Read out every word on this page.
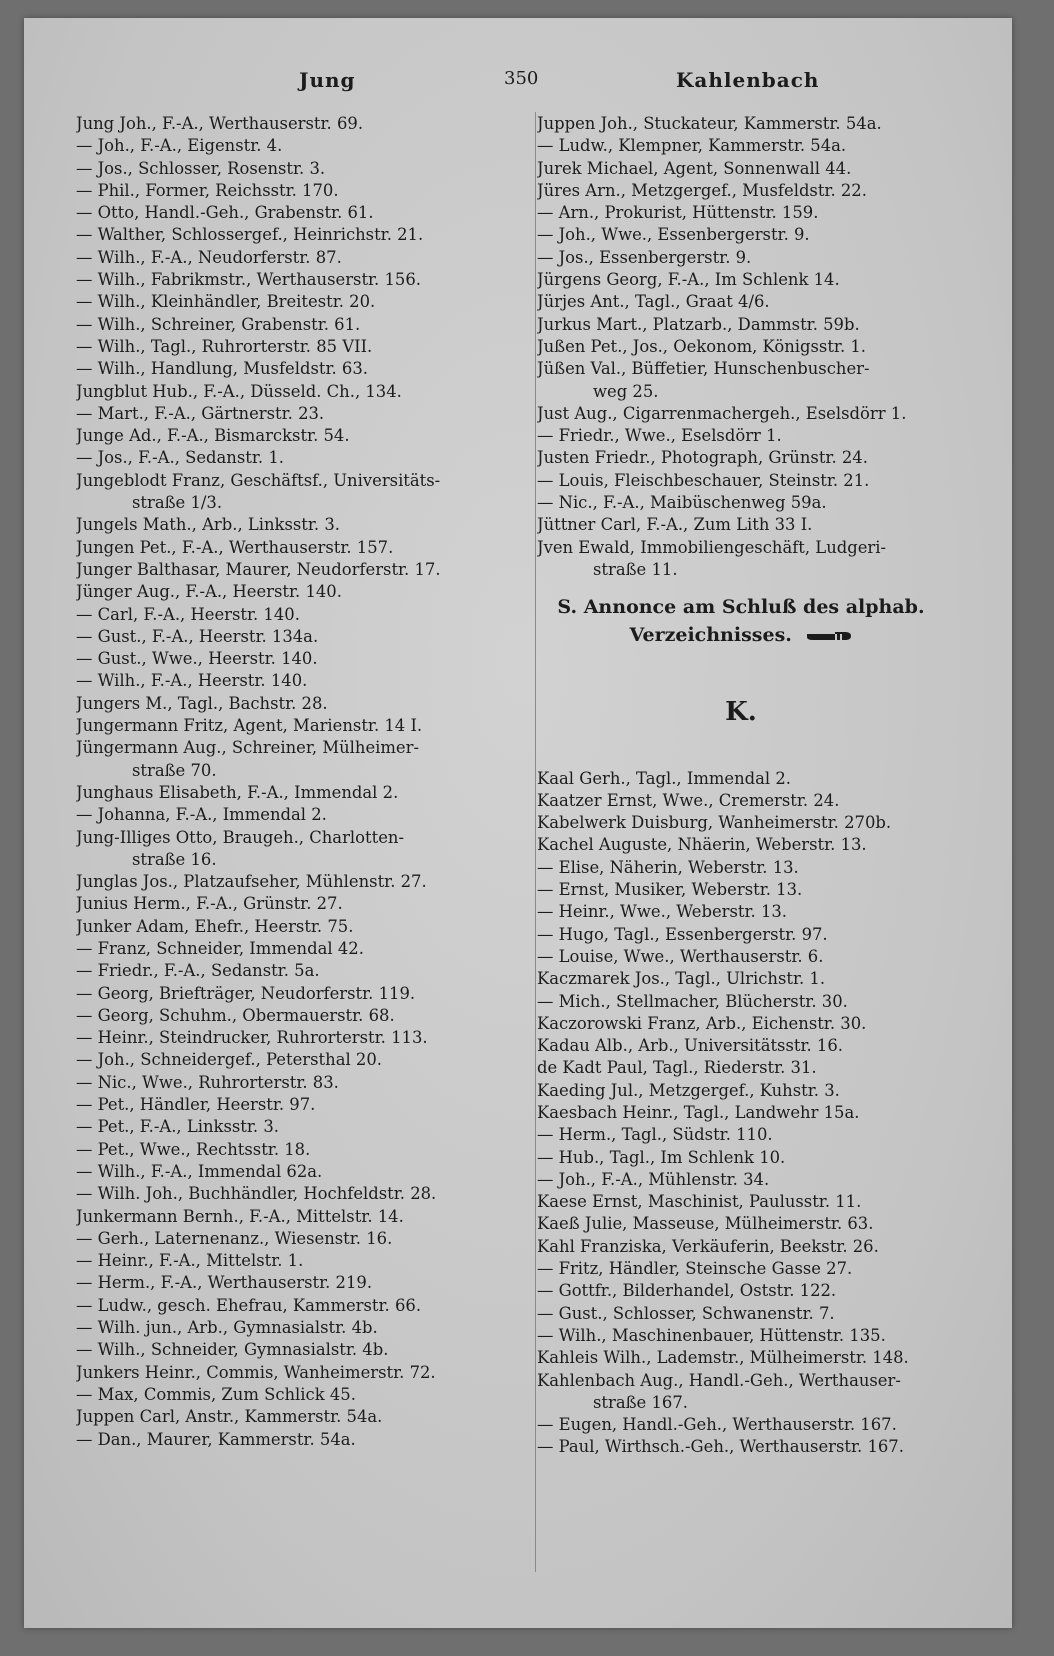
Jung	350	Kahlenbach
Jung Joh., F.-A., Werthauserstr. 69.
— Joh., F.-A., Eigenstr. 4.
— Jos., Schlosser, Rosenstr. 3.
— Phil., Former, Reichsstr. 170.
— Otto, Handl.-Geh., Grabenstr. 61.
— Walther, Schlossergef., Heinrichstr. 21.
— Wilh., F.-A., Neudorferstr. 87.
— Wilh., Fabrikmstr., Werthauserstr. 156.
— Wilh., Kleinhändler, Breitestr. 20.
— Wilh., Schreiner, Grabenstr. 61.
— Wilh., Tagl., Ruhrorterstr. 85 VII.
— Wilh., Handlung, Musfeldstr. 63.
Jungblut Hub., F.-A., Düsseld. Ch., 134.
— Mart., F.-A., Gärtnerstr. 23.
Junge Ad., F.-A., Bismarckstr. 54.
— Jos., F.-A., Sedanstr. 1.
Jungeblodt Franz, Geschäftsf., Universitäts-
straße 1/3.
Jungels Math., Arb., Linksstr. 3.
Jungen Pet., F.-A., Werthauserstr. 157.
Junger Balthasar, Maurer, Neudorferstr. 17.
Jünger Aug., F.-A., Heerstr. 140.
— Carl, F.-A., Heerstr. 140.
— Gust., F.-A., Heerstr. 134a.
— Gust., Wwe., Heerstr. 140.
— Wilh., F.-A., Heerstr. 140.
Jungers M., Tagl., Bachstr. 28.
Jungermann Fritz, Agent, Marienstr. 14 I.
Jüngermann Aug., Schreiner, Mülheimer-
straße 70.
Junghaus Elisabeth, F.-A., Immendal 2.
— Johanna, F.-A., Immendal 2.
Jung-Illiges Otto, Braugeh., Charlotten-
straße 16.
Junglas Jos., Platzaufseher, Mühlenstr. 27.
Junius Herm., F.-A., Grünstr. 27.
Junker Adam, Ehefr., Heerstr. 75.
— Franz, Schneider, Immendal 42.
— Friedr., F.-A., Sedanstr. 5a.
— Georg, Briefträger, Neudorferstr. 119.
— Georg, Schuhm., Obermauerstr. 68.
— Heinr., Steindrucker, Ruhrorterstr. 113.
— Joh., Schneidergef., Petersthal 20.
— Nic., Wwe., Ruhrorterstr. 83.
— Pet., Händler, Heerstr. 97.
— Pet., F.-A., Linksstr. 3.
— Pet., Wwe., Rechtsstr. 18.
— Wilh., F.-A., Immendal 62a.
— Wilh. Joh., Buchhändler, Hochfeldstr. 28.
Junkermann Bernh., F.-A., Mittelstr. 14.
— Gerh., Laternenanz., Wiesenstr. 16.
— Heinr., F.-A., Mittelstr. 1.
— Herm., F.-A., Werthauserstr. 219.
— Ludw., gesch. Ehefrau, Kammerstr. 66.
— Wilh. jun., Arb., Gymnasialstr. 4b.
— Wilh., Schneider, Gymnasialstr. 4b.
Junkers Heinr., Commis, Wanheimerstr. 72.
— Max, Commis, Zum Schlick 45.
Juppen Carl, Anstr., Kammerstr. 54a.
— Dan., Maurer, Kammerstr. 54a.
Juppen Joh., Stuckateur, Kammerstr. 54a.
— Ludw., Klempner, Kammerstr. 54a.
Jurek Michael, Agent, Sonnenwall 44.
Jüres Arn., Metzgergef., Musfeldstr. 22.
— Arn., Prokurist, Hüttenstr. 159.
— Joh., Wwe., Essenbergerstr. 9.
— Jos., Essenbergerstr. 9.
Jürgens Georg, F.-A., Im Schlenk 14.
Jürjes Ant., Tagl., Graat 4/6.
Jurkus Mart., Platzarb., Dammstr. 59b.
Jußen Pet., Jos., Oekonom, Königsstr. 1.
Jüßen Val., Büffetier, Hunschenbuscher-
weg 25.
Just Aug., Cigarrenmachergeh., Eselsdörr 1.
— Friedr., Wwe., Eselsdörr 1.
Justen Friedr., Photograph, Grünstr. 24.
— Louis, Fleischbeschauer, Steinstr. 21.
— Nic., F.-A., Maibüschenweg 59a.
Jüttner Carl, F.-A., Zum Lith 33 I.
Jven Ewald, Immobiliengeschäft, Ludgeri-
straße 11.
S. Annonce am Schluß des alphab.
Verzeichnisses.
K.
Kaal Gerh., Tagl., Immendal 2.
Kaatzer Ernst, Wwe., Cremerstr. 24.
Kabelwerk Duisburg, Wanheimerstr. 270b.
Kachel Auguste, Nhäerin, Weberstr. 13.
— Elise, Näherin, Weberstr. 13.
— Ernst, Musiker, Weberstr. 13.
— Heinr., Wwe., Weberstr. 13.
— Hugo, Tagl., Essenbergerstr. 97.
— Louise, Wwe., Werthauserstr. 6.
Kaczmarek Jos., Tagl., Ulrichstr. 1.
— Mich., Stellmacher, Blücherstr. 30.
Kaczorowski Franz, Arb., Eichenstr. 30.
Kadau Alb., Arb., Universitätsstr. 16.
de Kadt Paul, Tagl., Riederstr. 31.
Kaeding Jul., Metzgergef., Kuhstr. 3.
Kaesbach Heinr., Tagl., Landwehr 15a.
— Herm., Tagl., Südstr. 110.
— Hub., Tagl., Im Schlenk 10.
— Joh., F.-A., Mühlenstr. 34.
Kaese Ernst, Maschinist, Paulusstr. 11.
Kaeß Julie, Masseuse, Mülheimerstr. 63.
Kahl Franziska, Verkäuferin, Beekstr. 26.
— Fritz, Händler, Steinsche Gasse 27.
— Gottfr., Bilderhandel, Oststr. 122.
— Gust., Schlosser, Schwanenstr. 7.
— Wilh., Maschinenbauer, Hüttenstr. 135.
Kahleis Wilh., Lademstr., Mülheimerstr. 148.
Kahlenbach Aug., Handl.-Geh., Werthauser-
straße 167.
— Eugen, Handl.-Geh., Werthauserstr. 167.
— Paul, Wirthsch.-Geh., Werthauserstr. 167.
